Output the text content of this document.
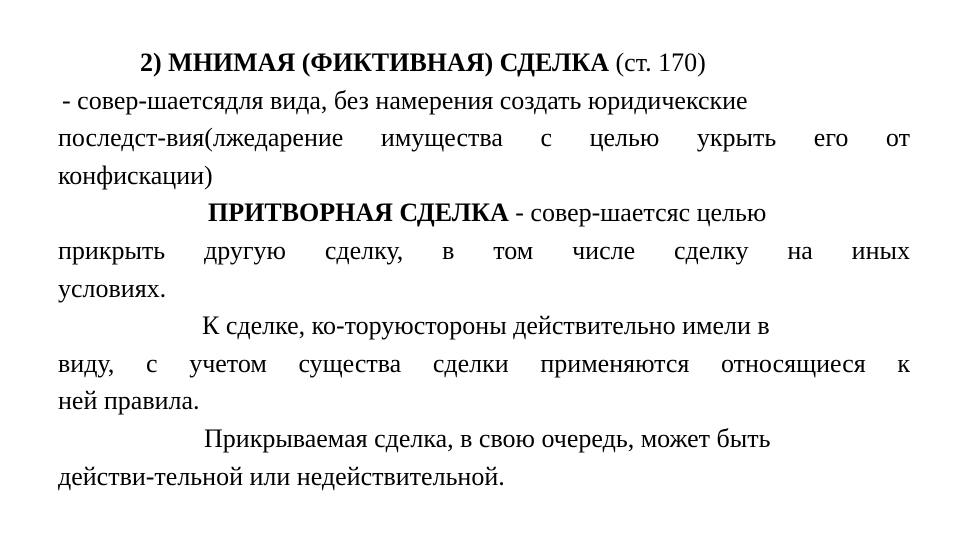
2) МНИМАЯ (ФИКТИВНАЯ) СДЕЛКА (ст. 170)
- совер-шаетсядля вида, без намерения создать юридичекские
последст-вия(лжедарение имущества с целью укрыть его от
конфискации)
ПРИТВОРНАЯ СДЕЛКА - совер-шаетсяс целью
прикрыть другую сделку, в том числе сделку на иных
условиях.
К сделке, ко-торуюстороны действительно имели в
виду, с учетом существа сделки применяются относящиеся к
ней правила.
Прикрываемая сделка, в свою очередь, может быть
действи-тельной или недействительной.
